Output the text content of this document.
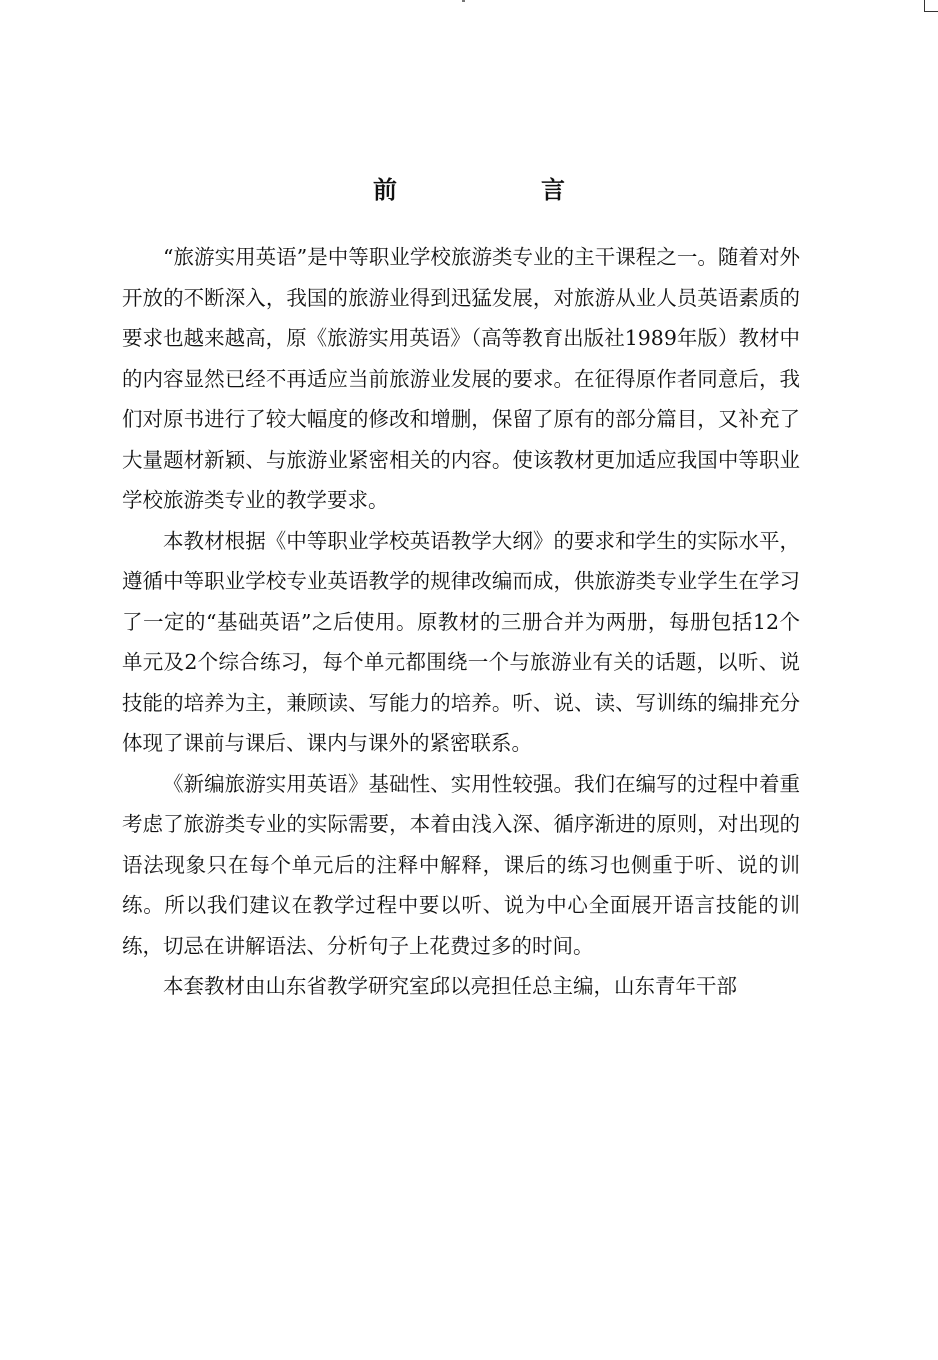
前　言

“旅游实用英语”是中等职业学校旅游类专业的主干课程之一。随着对外开放的不断深入，我国的旅游业得到迅猛发展，对旅游从业人员英语素质的要求也越来越高，原《旅游实用英语》（高等教育出版社1989年版）教材中的内容显然已经不再适应当前旅游业发展的要求。在征得原作者同意后，我们对原书进行了较大幅度的修改和增删，保留了原有的部分篇目，又补充了大量题材新颖、与旅游业紧密相关的内容。使该教材更加适应我国中等职业学校旅游类专业的教学要求。

本教材根据《中等职业学校英语教学大纲》的要求和学生的实际水平，遵循中等职业学校专业英语教学的规律改编而成，供旅游类专业学生在学习了一定的“基础英语”之后使用。原教材的三册合并为两册，每册包括12个单元及2个综合练习，每个单元都围绕一个与旅游业有关的话题，以听、说技能的培养为主，兼顾读、写能力的培养。听、说、读、写训练的编排充分体现了课前与课后、课内与课外的紧密联系。

《新编旅游实用英语》基础性、实用性较强。我们在编写的过程中着重考虑了旅游类专业的实际需要，本着由浅入深、循序渐进的原则，对出现的语法现象只在每个单元后的注释中解释，课后的练习也侧重于听、说的训练。所以我们建议在教学过程中要以听、说为中心全面展开语言技能的训练，切忌在讲解语法、分析句子上花费过多的时间。

本套教材由山东省教学研究室邱以亮担任总主编，山东青年干部
